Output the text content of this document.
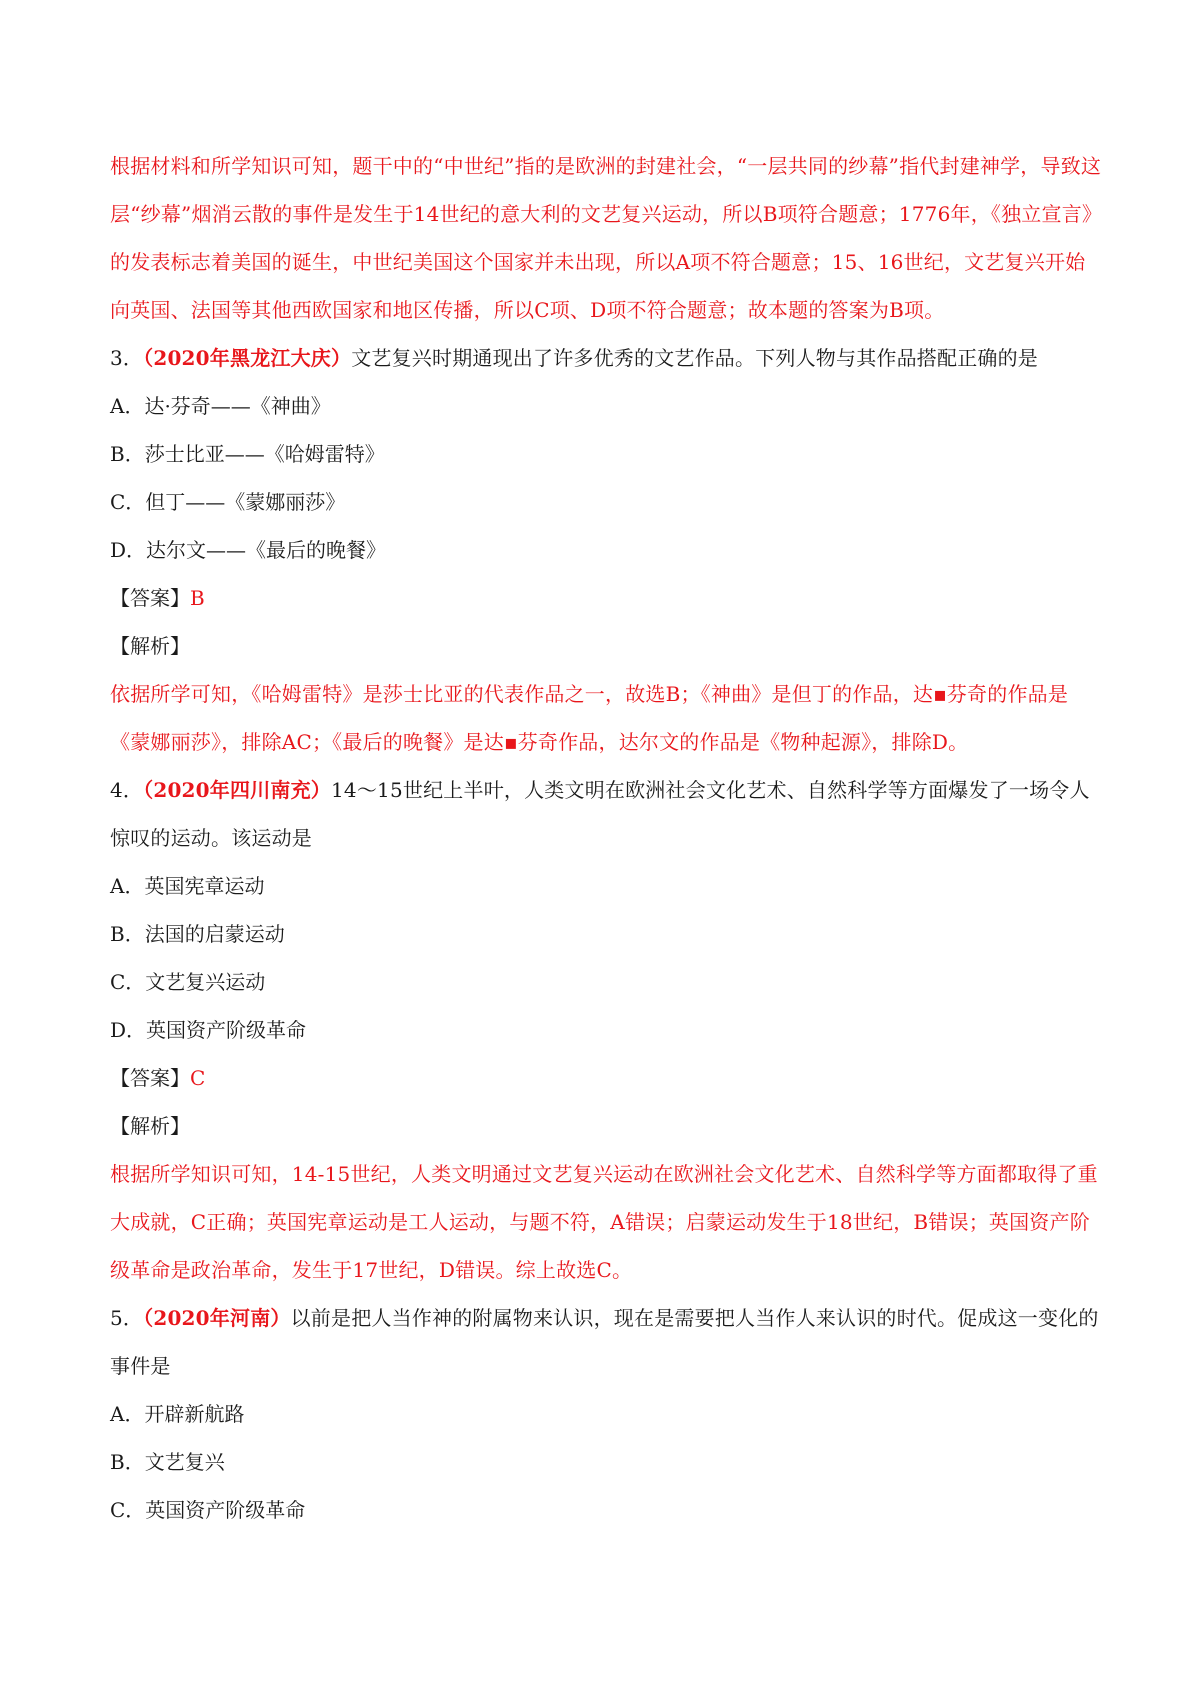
根据材料和所学知识可知，题干中的“中世纪”指的是欧洲的封建社会，“一层共同的纱幕”指代封建神学，导致这层“纱幕”烟消云散的事件是发生于14世纪的意大利的文艺复兴运动，所以B项符合题意；1776年，《独立宣言》的发表标志着美国的诞生，中世纪美国这个国家并未出现，所以A项不符合题意；15、16世纪，文艺复兴开始向英国、法国等其他西欧国家和地区传播，所以C项、D项不符合题意；故本题的答案为B项。
3．（2020年黑龙江大庆）文艺复兴时期通现出了许多优秀的文艺作品。下列人物与其作品搭配正确的是
A．达·芬奇——《神曲》
B．莎士比亚——《哈姆雷特》
C．但丁——《蒙娜丽莎》
D．达尔文——《最后的晚餐》
【答案】B
【解析】
依据所学可知，《哈姆雷特》是莎士比亚的代表作品之一，故选B；《神曲》是但丁的作品，达▪芬奇的作品是《蒙娜丽莎》，排除AC；《最后的晚餐》是达▪芬奇作品，达尔文的作品是《物种起源》，排除D。
4．（2020年四川南充）14～15世纪上半叶，人类文明在欧洲社会文化艺术、自然科学等方面爆发了一场令人惊叹的运动。该运动是
A．英国宪章运动
B．法国的启蒙运动
C．文艺复兴运动
D．英国资产阶级革命
【答案】C
【解析】
根据所学知识可知，14-15世纪，人类文明通过文艺复兴运动在欧洲社会文化艺术、自然科学等方面都取得了重大成就，C正确；英国宪章运动是工人运动，与题不符，A错误；启蒙运动发生于18世纪，B错误；英国资产阶级革命是政治革命，发生于17世纪，D错误。综上故选C。
5．（2020年河南）以前是把人当作神的附属物来认识，现在是需要把人当作人来认识的时代。促成这一变化的事件是
A．开辟新航路
B．文艺复兴
C．英国资产阶级革命
